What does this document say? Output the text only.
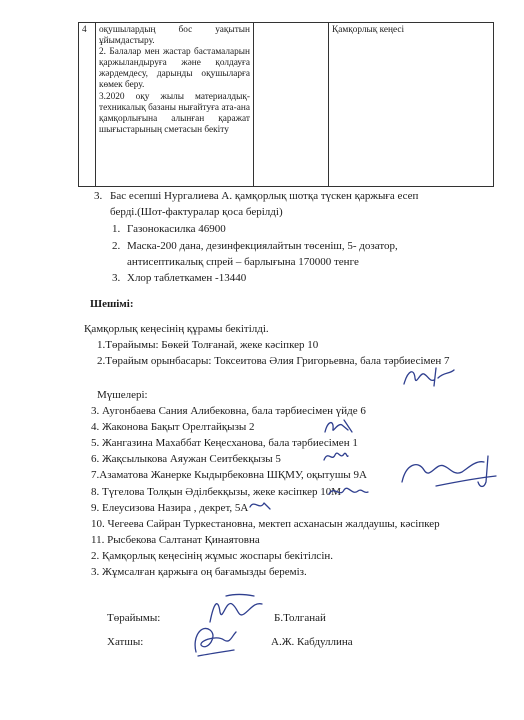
4	оқушылардың бос уақытын ұйымдастыру.
2. Балалар мен жастар бастамаларын қаржыландыруға және қолдауға жәрдемдесу, дарынды оқушыларға көмек беру.
3.2020 оқу жылы материалдық-техникалық базаны нығайтуға ата-ана қамқорлығына алынған қаражат шығыстарының сметасын бекіту
		Қамқорлық кеңесі
3. Бас есепші Нургалиева А. қамқорлық шотқа түскен қаржыға есеп
берді.(Шот-фактуралар қоса берілді)
1. Газонокасилка 46900
2. Маска-200 дана, дезинфекциялайтын төсеніш, 5- дозатор,
антисептикалық спрей – барлығына 170000 тенге
3. Хлор таблеткамен -13440
Шешімі:
Қамқорлық кеңесінің құрамы бекітілді.
1.Төрайымы: Бөкей Толғанай, жеке кәсіпкер 10
2.Төрайым орынбасары: Токсеитова Әлия Григорьевна, бала тәрбиесімен 7
Мүшелері:
3. Аугонбаева Сания Алибековна, бала тәрбиесімен үйде 6
4. Жаконова Бақыт Орелтайқызы 2
5. Жангазина Махаббат Кеңесханова, бала тәрбиесімен 1
6. Жақсылыкова Аяужан Сеитбекқызы 5
7.Азаматова Жанерке Кыдырбековна ШҚМУ, оқытушы 9А
8. Түгелова Толқын Әділбекқызы, жеке кәсіпкер 10М
9. Елеусизова Назира , декрет, 5А
10. Чегеева Сайран Туркестановна, мектеп асханасын жалдаушы, кәсіпкер
11. Рысбекова Салтанат Қинаятовна
2. Қамқорлық кеңесінің жұмыс жоспары бекітілсін.
3. Жұмсалған қаржыға оң бағамызды береміз.
Төрайымы:	Б.Толганай
Хатшы:	А.Ж. Кабдуллина
